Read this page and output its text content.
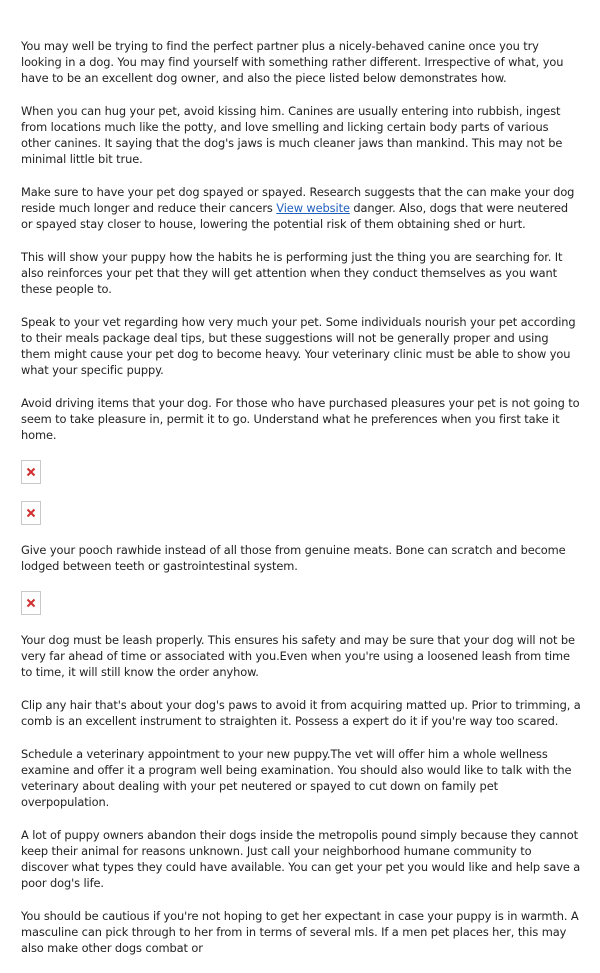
You may well be trying to find the perfect partner plus a nicely-behaved canine once you try looking in a dog. You may find yourself with something rather different. Irrespective of what, you have to be an excellent dog owner, and also the piece listed below demonstrates how.

When you can hug your pet, avoid kissing him. Canines are usually entering into rubbish, ingest from locations much like the potty, and love smelling and licking certain body parts of various other canines. It saying that the dog's jaws is much cleaner jaws than mankind. This may not be minimal little bit true.

Make sure to have your pet dog spayed or spayed. Research suggests that the can make your dog reside much longer and reduce their cancers View website danger. Also, dogs that were neutered or spayed stay closer to house, lowering the potential risk of them obtaining shed or hurt.

This will show your puppy how the habits he is performing just the thing you are searching for. It also reinforces your pet that they will get attention when they conduct themselves as you want these people to.

Speak to your vet regarding how very much your pet. Some individuals nourish your pet according to their meals package deal tips, but these suggestions will not be generally proper and using them might cause your pet dog to become heavy. Your veterinary clinic must be able to show you what your specific puppy.

Avoid driving items that your dog. For those who have purchased pleasures your pet is not going to seem to take pleasure in, permit it to go. Understand what he preferences when you first take it home.

Give your pooch rawhide instead of all those from genuine meats. Bone can scratch and become lodged between teeth or gastrointestinal system.

Your dog must be leash properly. This ensures his safety and may be sure that your dog will not be very far ahead of time or associated with you.Even when you're using a loosened leash from time to time, it will still know the order anyhow.

Clip any hair that's about your dog's paws to avoid it from acquiring matted up. Prior to trimming, a comb is an excellent instrument to straighten it. Possess a expert do it if you're way too scared.

Schedule a veterinary appointment to your new puppy.The vet will offer him a whole wellness examine and offer it a program well being examination. You should also would like to talk with the veterinary about dealing with your pet neutered or spayed to cut down on family pet overpopulation.

A lot of puppy owners abandon their dogs inside the metropolis pound simply because they cannot keep their animal for reasons unknown. Just call your neighborhood humane community to discover what types they could have available. You can get your pet you would like and help save a poor dog's life.

You should be cautious if you're not hoping to get her expectant in case your puppy is in warmth. A masculine can pick through to her from in terms of several mls. If a men pet places her, this may also make other dogs combat or
